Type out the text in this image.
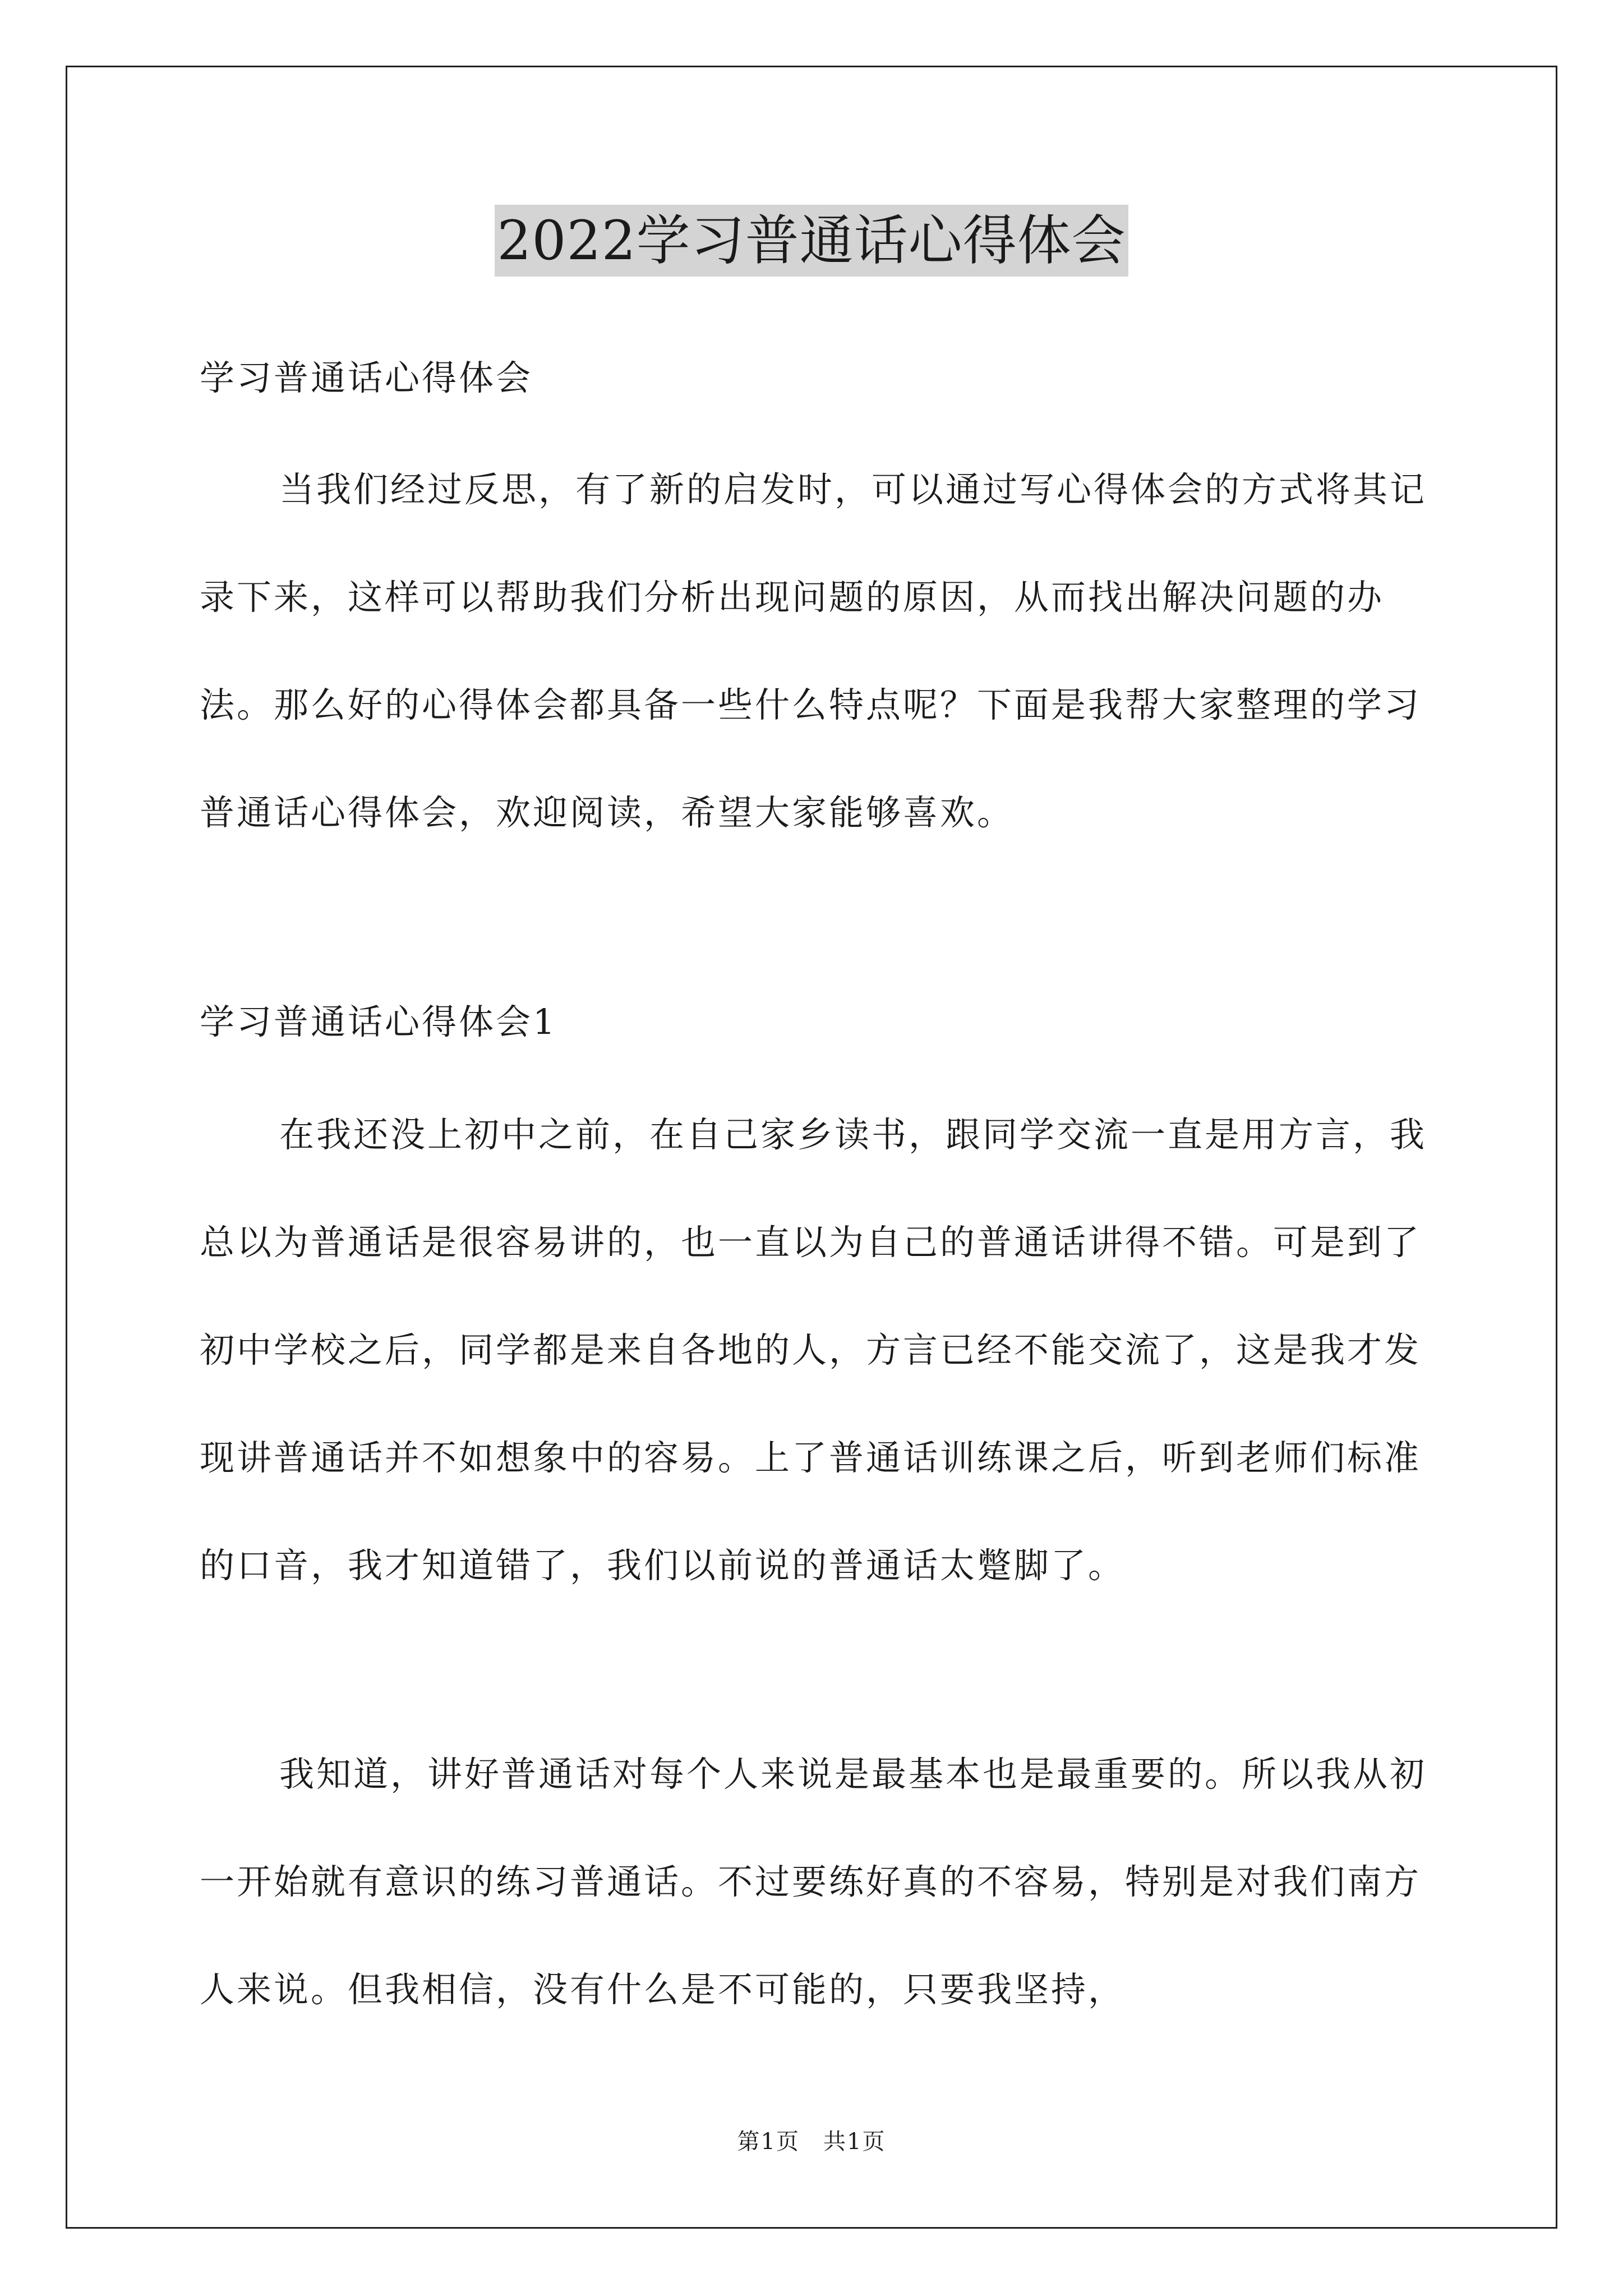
2022学习普通话心得体会
学习普通话心得体会
当我们经过反思，有了新的启发时，可以通过写心得体会的方式将其记录下来，这样可以帮助我们分析出现问题的原因，从而找出解决问题的办法。那么好的心得体会都具备一些什么特点呢？下面是我帮大家整理的学习普通话心得体会，欢迎阅读，希望大家能够喜欢。
学习普通话心得体会1
在我还没上初中之前，在自己家乡读书，跟同学交流一直是用方言，我总以为普通话是很容易讲的，也一直以为自己的普通话讲得不错。可是到了初中学校之后，同学都是来自各地的人，方言已经不能交流了，这是我才发现讲普通话并不如想象中的容易。上了普通话训练课之后，听到老师们标准的口音，我才知道错了，我们以前说的普通话太蹩脚了。
我知道，讲好普通话对每个人来说是最基本也是最重要的。所以我从初一开始就有意识的练习普通话。不过要练好真的不容易，特别是对我们南方人来说。但我相信，没有什么是不可能的，只要我坚持，
第1页　共1页
